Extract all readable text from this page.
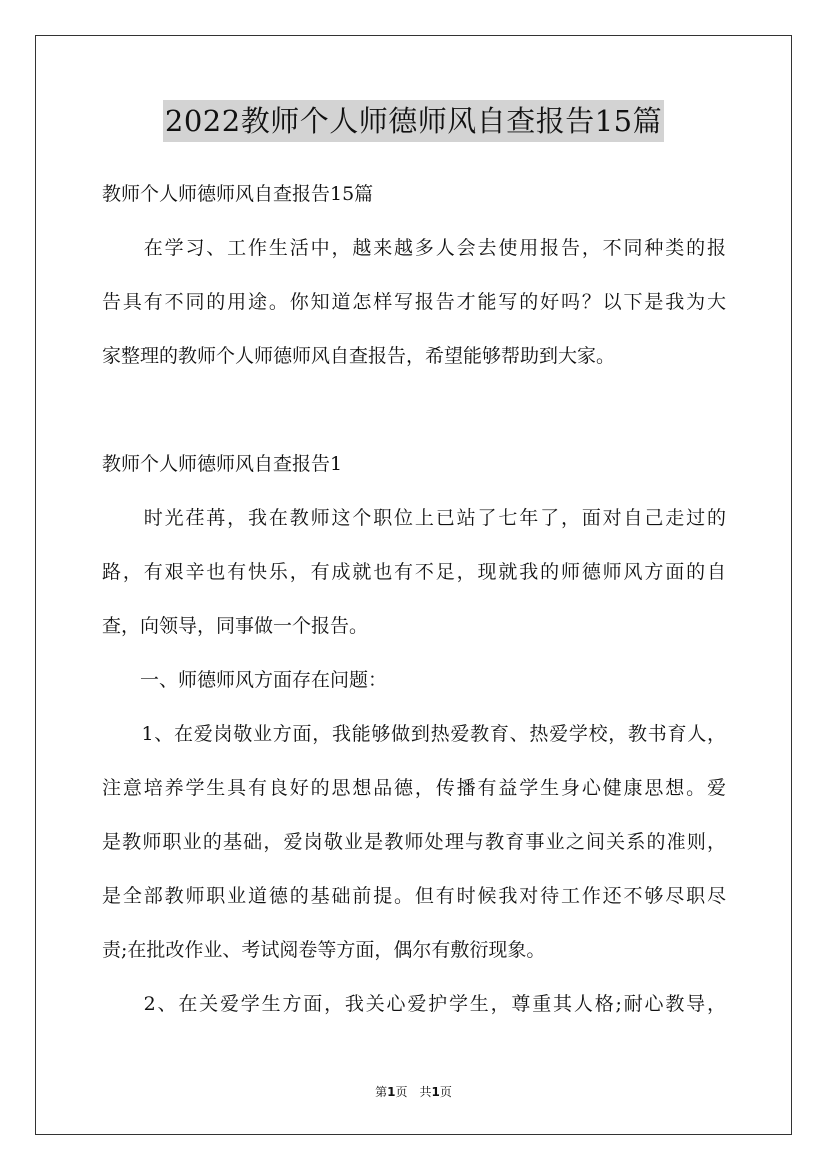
2022教师个人师德师风自查报告15篇
教师个人师德师风自查报告15篇
　　在学习、工作生活中，越来越多人会去使用报告，不同种类的报
告具有不同的用途。你知道怎样写报告才能写的好吗？以下是我为大
家整理的教师个人师德师风自查报告，希望能够帮助到大家。
教师个人师德师风自查报告1
　　时光荏苒，我在教师这个职位上已站了七年了，面对自己走过的
路，有艰辛也有快乐，有成就也有不足，现就我的师德师风方面的自
查，向领导，同事做一个报告。
　　一、师德师风方面存在问题：
　　1、在爱岗敬业方面，我能够做到热爱教育、热爱学校，教书育人，
注意培养学生具有良好的思想品德，传播有益学生身心健康思想。爱
是教师职业的基础，爱岗敬业是教师处理与教育事业之间关系的准则，
是全部教师职业道德的基础前提。但有时候我对待工作还不够尽职尽
责;在批改作业、考试阅卷等方面，偶尔有敷衍现象。
　　2、在关爱学生方面，我关心爱护学生，尊重其人格;耐心教导，
第1页　共1页
